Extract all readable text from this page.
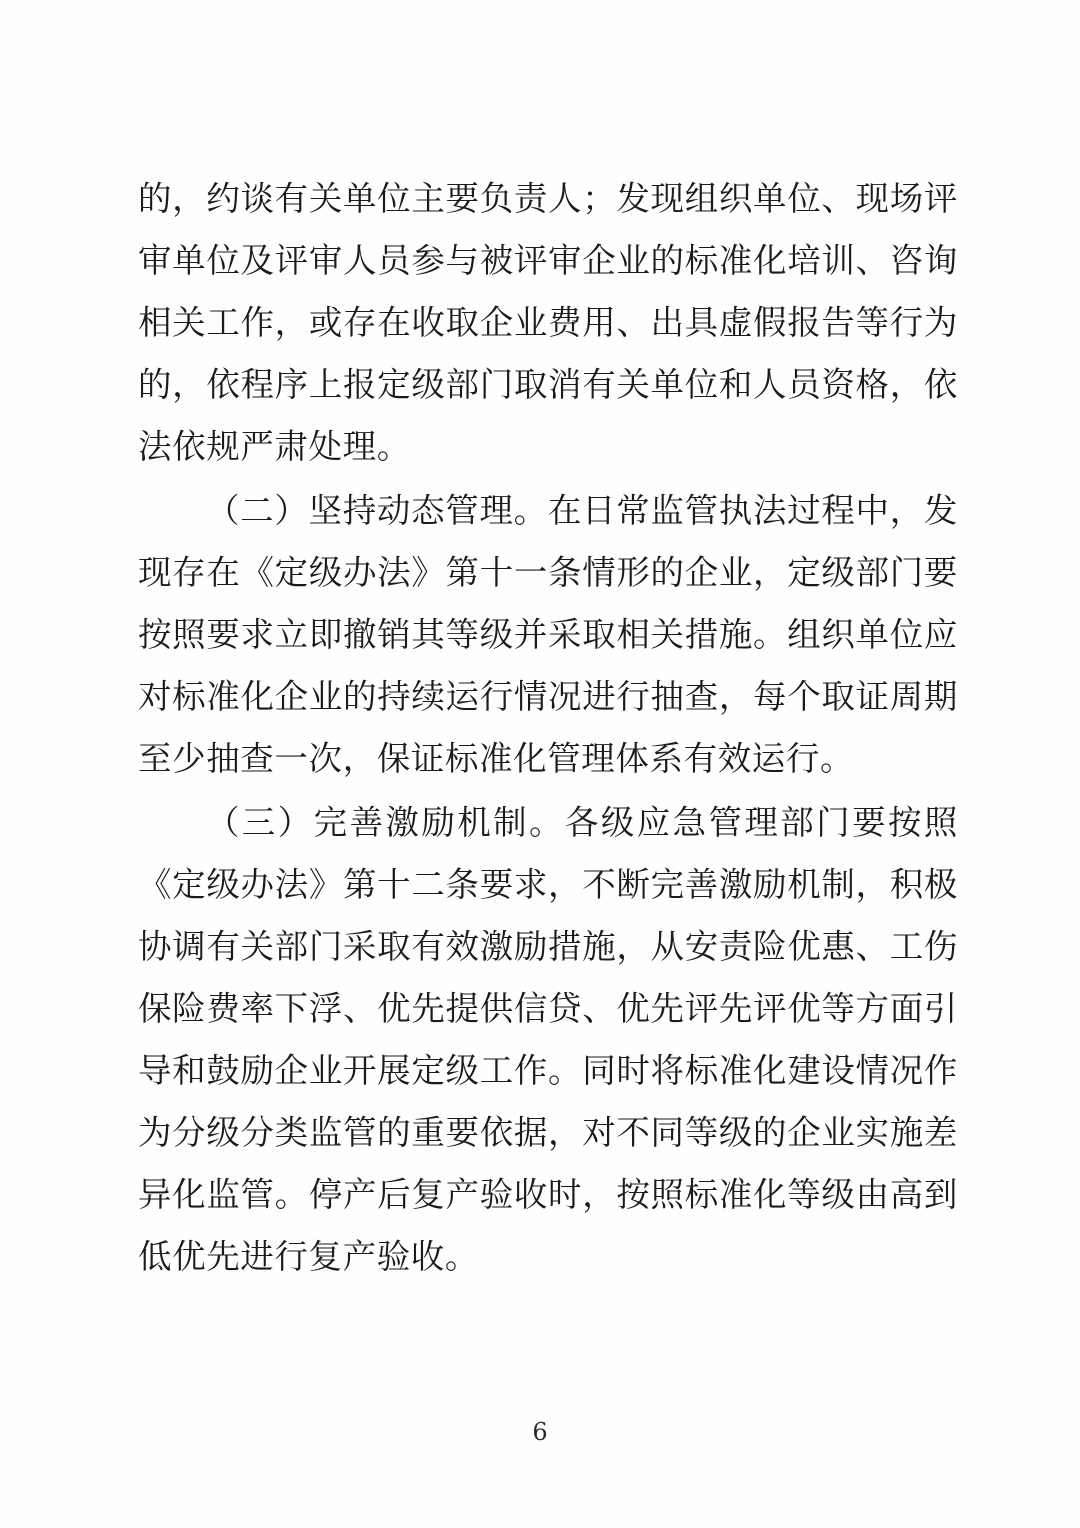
的，约谈有关单位主要负责人；发现组织单位、现场评审单位及评审人员参与被评审企业的标准化培训、咨询相关工作，或存在收取企业费用、出具虚假报告等行为的，依程序上报定级部门取消有关单位和人员资格，依法依规严肃处理。

（二）坚持动态管理。在日常监管执法过程中，发现存在《定级办法》第十一条情形的企业，定级部门要按照要求立即撤销其等级并采取相关措施。组织单位应对标准化企业的持续运行情况进行抽查，每个取证周期至少抽查一次，保证标准化管理体系有效运行。

（三）完善激励机制。各级应急管理部门要按照《定级办法》第十二条要求，不断完善激励机制，积极协调有关部门采取有效激励措施，从安责险优惠、工伤保险费率下浮、优先提供信贷、优先评先评优等方面引导和鼓励企业开展定级工作。同时将标准化建设情况作为分级分类监管的重要依据，对不同等级的企业实施差异化监管。停产后复产验收时，按照标准化等级由高到低优先进行复产验收。

6
